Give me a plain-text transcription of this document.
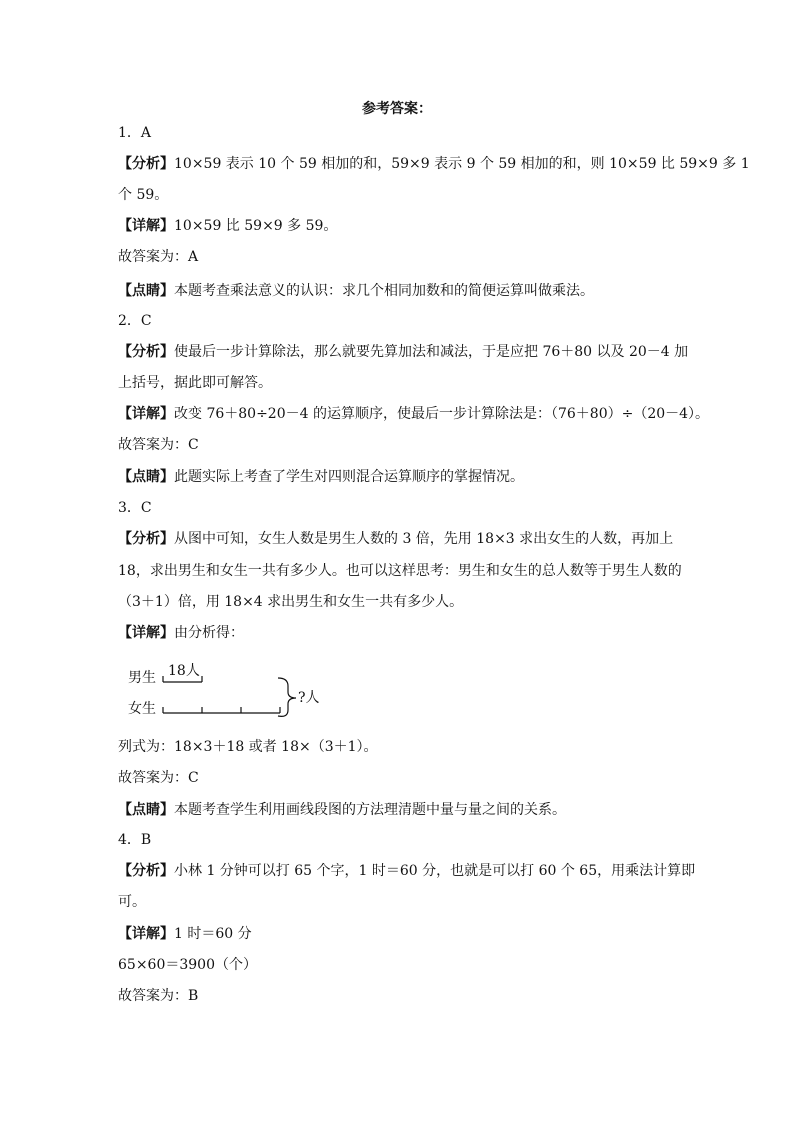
参考答案：
1．A
【分析】10×59 表示 10 个 59 相加的和，59×9 表示 9 个 59 相加的和，则 10×59 比 59×9 多 1
个 59。
【详解】10×59 比 59×9 多 59。
故答案为：A
【点睛】本题考查乘法意义的认识：求几个相同加数和的简便运算叫做乘法。
2．C
【分析】使最后一步计算除法，那么就要先算加法和减法，于是应把 76＋80 以及 20－4 加
上括号，据此即可解答。
【详解】改变 76＋80÷20－4 的运算顺序，使最后一步计算除法是：（76＋80）÷（20－4）。
故答案为：C
【点睛】此题实际上考查了学生对四则混合运算顺序的掌握情况。
3．C
【分析】从图中可知，女生人数是男生人数的 3 倍，先用 18×3 求出女生的人数，再加上
18，求出男生和女生一共有多少人。也可以这样思考：男生和女生的总人数等于男生人数的
（3＋1）倍，用 18×4 求出男生和女生一共有多少人。
【详解】由分析得：
男生
女生
18人
?人
列式为：18×3＋18 或者 18×（3＋1）。
故答案为：C
【点睛】本题考查学生利用画线段图的方法理清题中量与量之间的关系。
4．B
【分析】小林 1 分钟可以打 65 个字，1 时＝60 分，也就是可以打 60 个 65，用乘法计算即
可。
【详解】1 时＝60 分
65×60＝3900（个）
故答案为：B
